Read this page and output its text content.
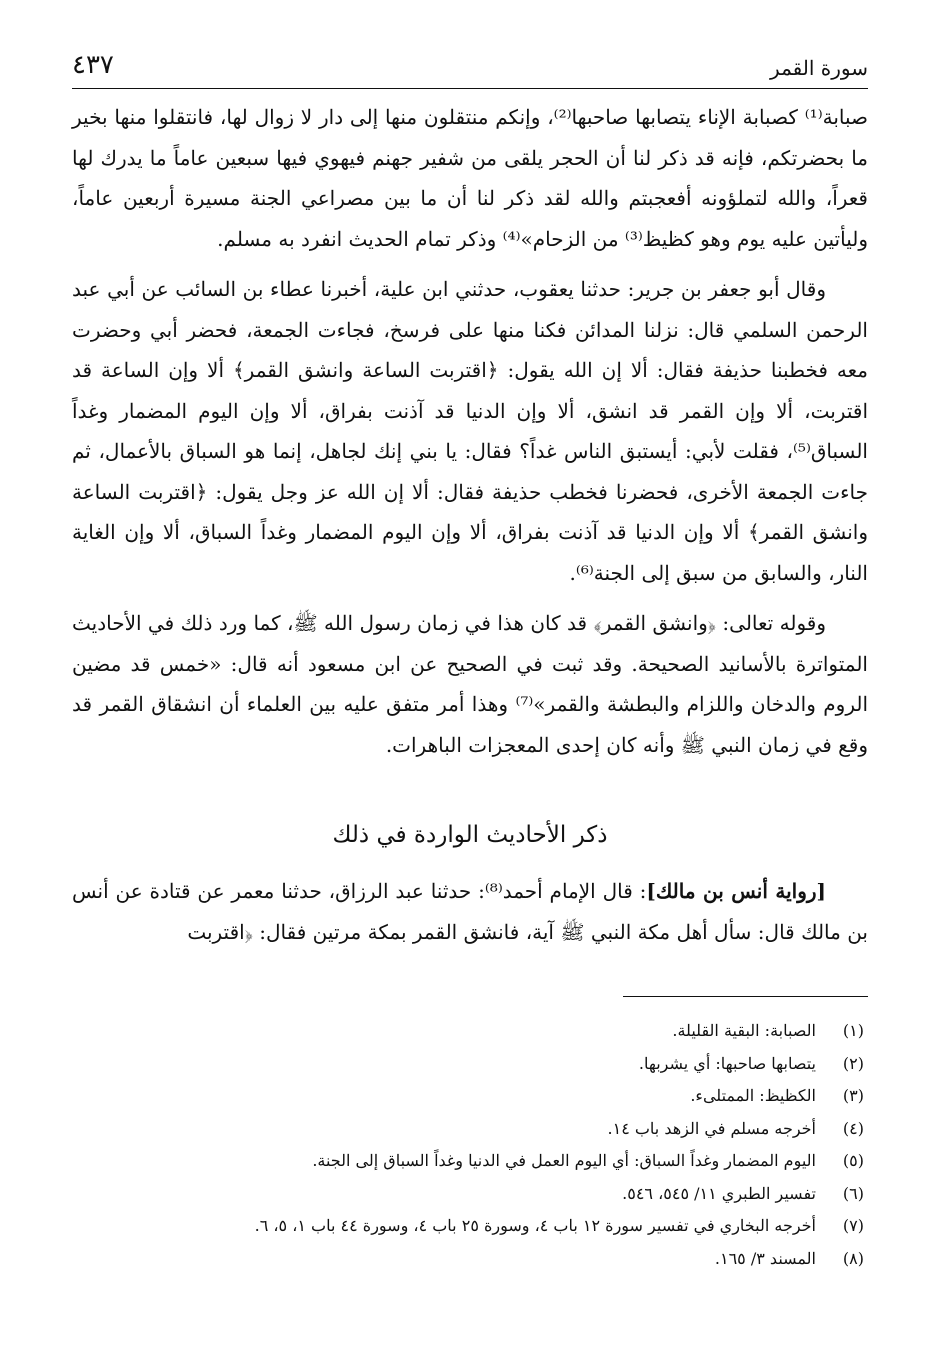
سورة القمر
٤٣٧

صبابة⁽¹⁾ كصبابة الإناء يتصابها صاحبها⁽²⁾، وإنكم منتقلون منها إلى دار لا زوال لها، فانتقلوا منها بخير ما بحضرتكم، فإنه قد ذكر لنا أن الحجر يلقى من شفير جهنم فيهوي فيها سبعين عاماً ما يدرك لها قعراً، والله لتملؤونه أفعجبتم والله لقد ذكر لنا أن ما بين مصراعي الجنة مسيرة أربعين عاماً، وليأتين عليه يوم وهو كظيظ⁽³⁾ من الزحام»⁽⁴⁾ وذكر تمام الحديث انفرد به مسلم.

وقال أبو جعفر بن جرير: حدثنا يعقوب، حدثني ابن علية، أخبرنا عطاء بن السائب عن أبي عبد الرحمن السلمي قال: نزلنا المدائن فكنا منها على فرسخ، فجاءت الجمعة، فحضر أبي وحضرت معه فخطبنا حذيفة فقال: ألا إن الله يقول: ﴿اقتربت الساعة وانشق القمر﴾ ألا وإن الساعة قد اقتربت، ألا وإن القمر قد انشق، ألا وإن الدنيا قد آذنت بفراق، ألا وإن اليوم المضمار وغداً السباق⁽⁵⁾، فقلت لأبي: أيستبق الناس غداً؟ فقال: يا بني إنك لجاهل، إنما هو السباق بالأعمال، ثم جاءت الجمعة الأخرى، فحضرنا فخطب حذيفة فقال: ألا إن الله عز وجل يقول: ﴿اقتربت الساعة وانشق القمر﴾ ألا وإن الدنيا قد آذنت بفراق، ألا وإن اليوم المضمار وغداً السباق، ألا وإن الغاية النار، والسابق من سبق إلى الجنة⁽⁶⁾.

وقوله تعالى: ﴿وانشق القمر﴾ قد كان هذا في زمان رسول الله ﷺ، كما ورد ذلك في الأحاديث المتواترة بالأسانيد الصحيحة. وقد ثبت في الصحيح عن ابن مسعود أنه قال: «خمس قد مضين الروم والدخان واللزام والبطشة والقمر»⁽⁷⁾ وهذا أمر متفق عليه بين العلماء أن انشقاق القمر قد وقع في زمان النبي ﷺ وأنه كان إحدى المعجزات الباهرات.

ذكر الأحاديث الواردة في ذلك

[رواية أنس بن مالك]: قال الإمام أحمد⁽⁸⁾: حدثنا عبد الرزاق، حدثنا معمر عن قتادة عن أنس بن مالك قال: سأل أهل مكة النبي ﷺ آية، فانشق القمر بمكة مرتين فقال: ﴿اقتربت

(١)
الصبابة: البقية القليلة.
(٢)
يتصابها صاحبها: أي يشربها.
(٣)
الكظيظ: الممتلىء.
(٤)
أخرجه مسلم في الزهد باب ١٤.
(٥)
اليوم المضمار وغداً السباق: أي اليوم العمل في الدنيا وغداً السباق إلى الجنة.
(٦)
تفسير الطبري ١١/ ٥٤٥، ٥٤٦.
(٧)
أخرجه البخاري في تفسير سورة ١٢ باب ٤، وسورة ٢٥ باب ٤، وسورة ٤٤ باب ١، ٥، ٦.
(٨)
المسند ٣/ ١٦٥.
